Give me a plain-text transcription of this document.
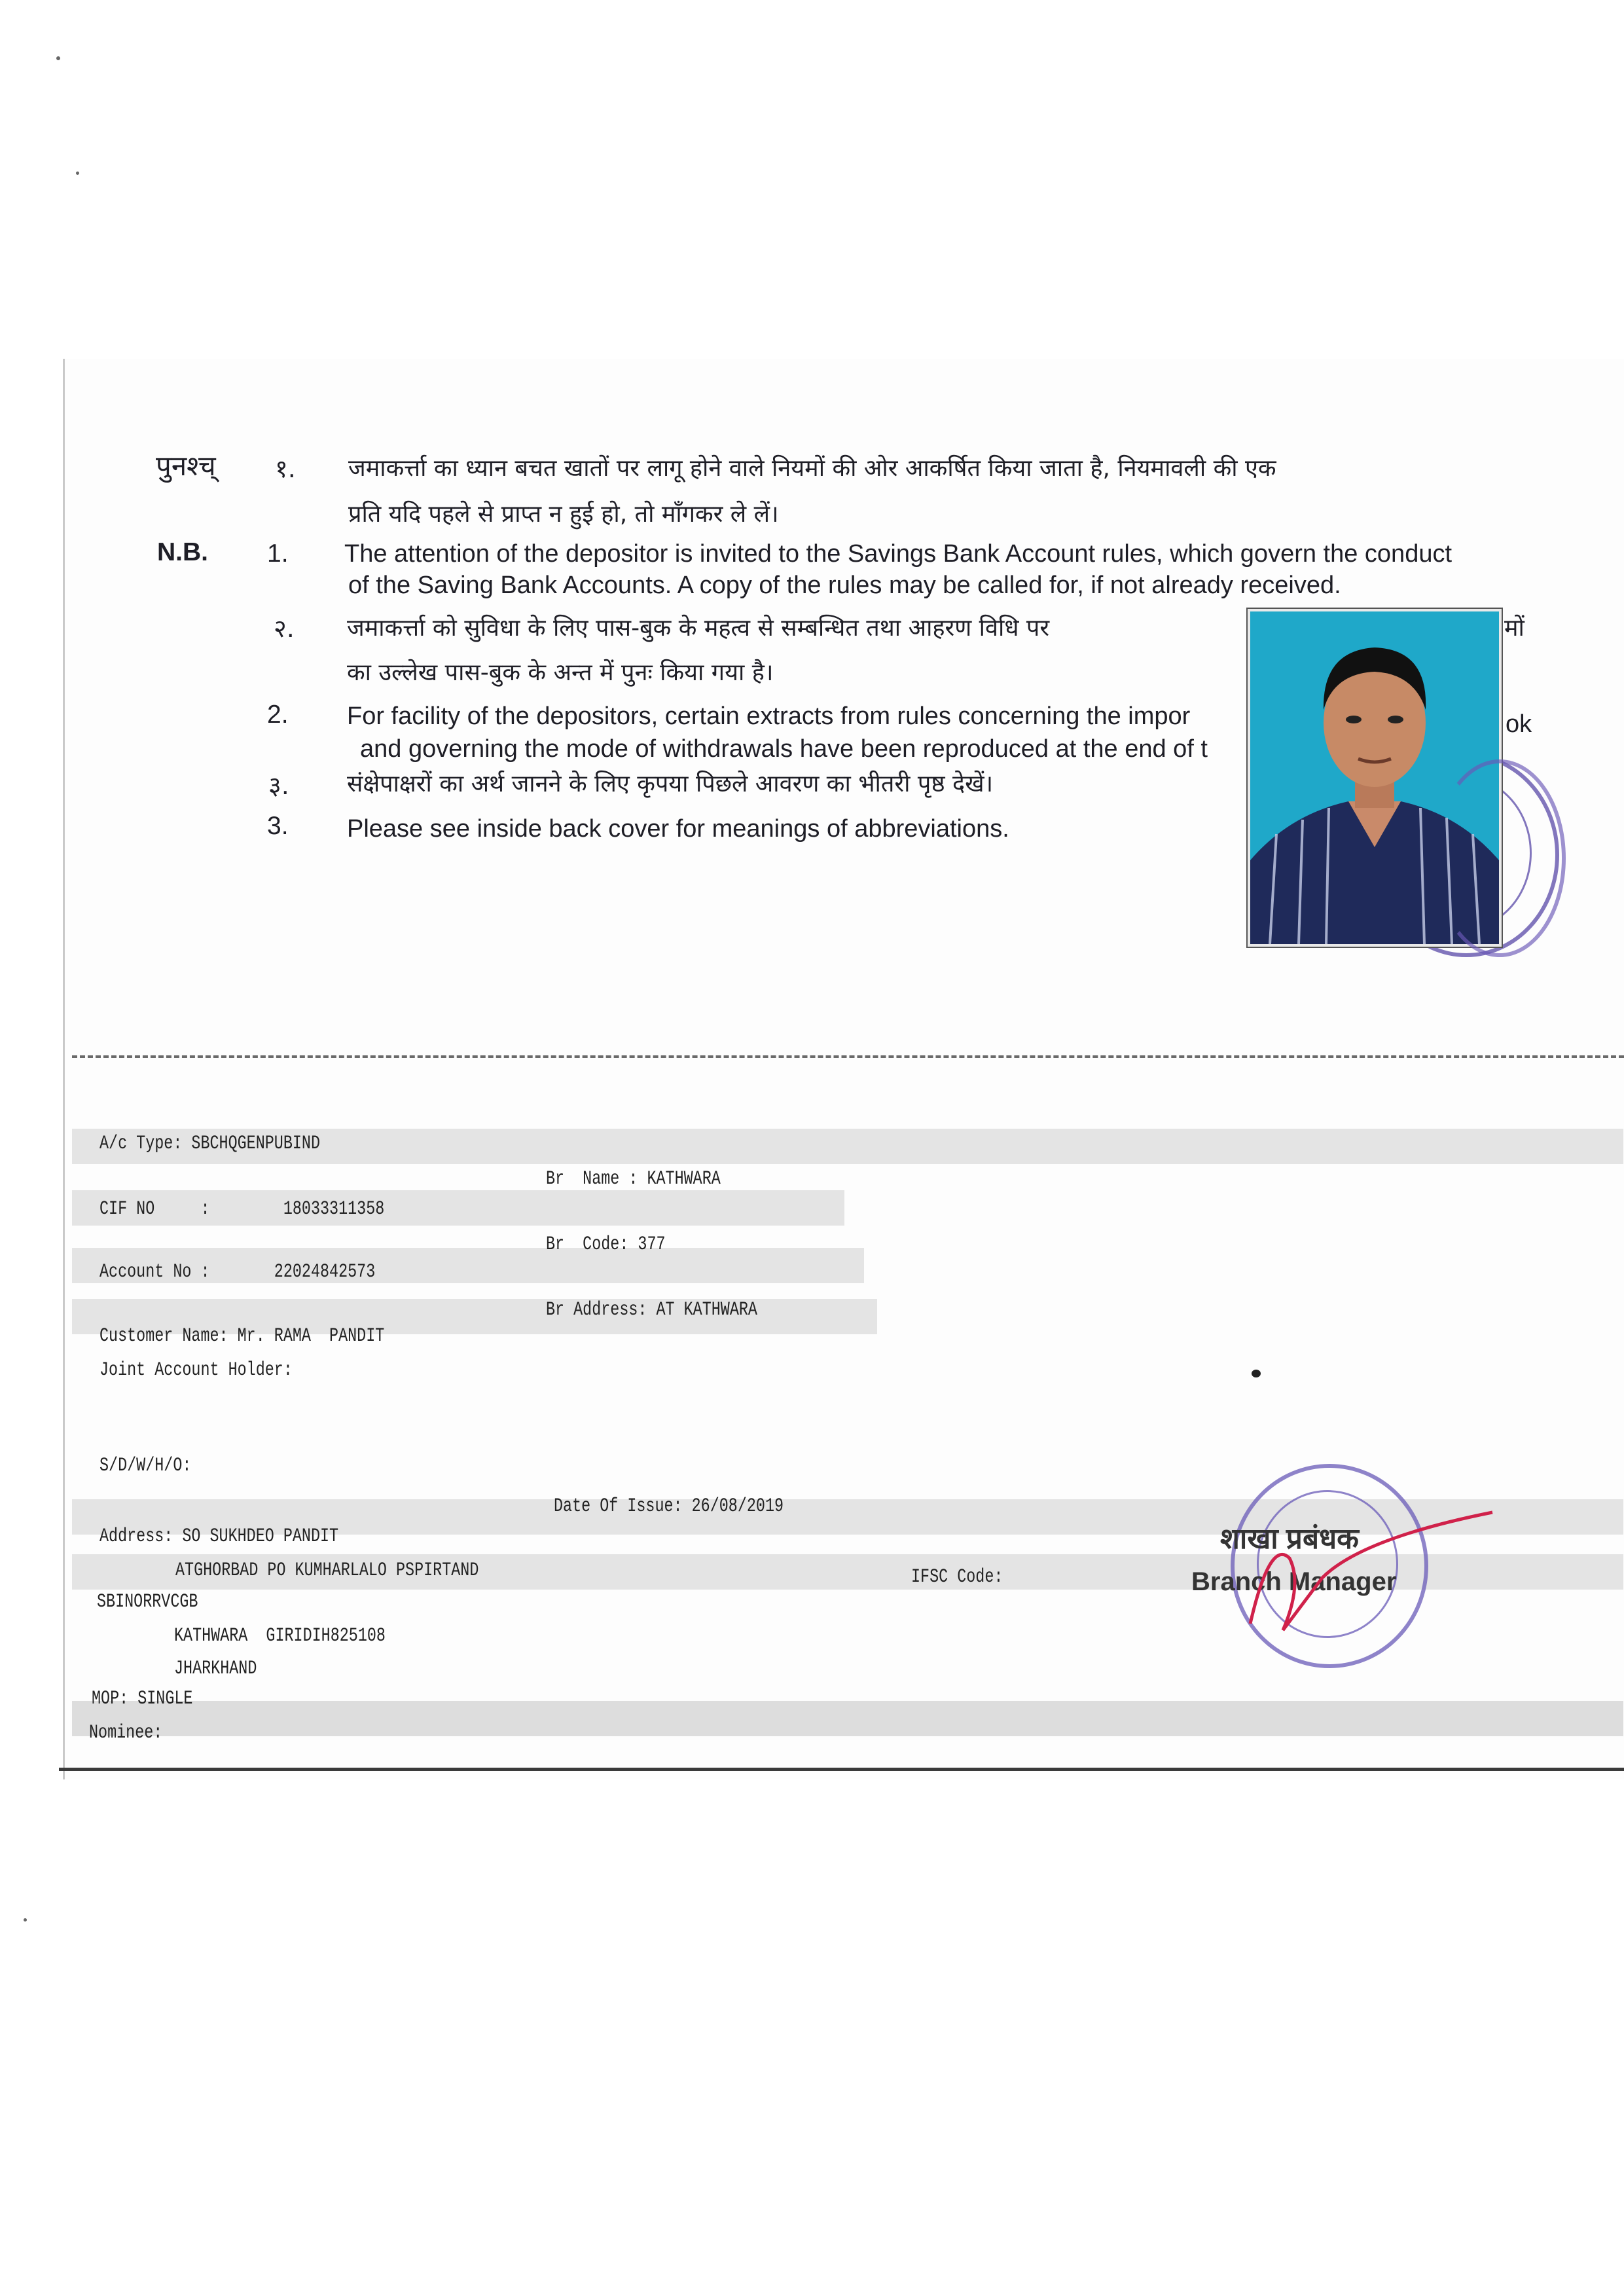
पुनश्च् १. जमाकर्त्ता का ध्यान बचत खातों पर लागू होने वाले नियमों की ओर आकर्षित किया जाता है, नियमावली की एक
प्रति यदि पहले से प्राप्त न हुई हो, तो माँगकर ले लें।
N.B. 1. The attention of the depositor is invited to the Savings Bank Account rules, which govern the conduct
of the Saving Bank Accounts. A copy of the rules may be called for, if not already received.
२. जमाकर्त्ता को सुविधा के लिए पास-बुक के महत्व से सम्बन्धित तथा आहरण विधि पर	मों
का उल्लेख पास-बुक के अन्त में पुनः किया गया है।
2. For facility of the depositors, certain extracts from rules concerning the impor	ok
and governing the mode of withdrawals have been reproduced at the end of t
३. संक्षेपाक्षरों का अर्थ जानने के लिए कृपया पिछले आवरण का भीतरी पृष्ठ देखें।
3. Please see inside back cover for meanings of abbreviations.
A/c Type: SBCHQGENPUBIND
CIF NO     :        18033311358
Account No :       22024842573
Customer Name: Mr. RAMA  PANDIT
Joint Account Holder:
S/D/W/H/O:
Address: SO SUKHDEO PANDIT
ATGHORBAD PO KUMHARLALO PSPIRTAND
SBINORRVCGB
KATHWARA  GIRIDIH825108
JHARKHAND
MOP: SINGLE
Nominee:
Br  Name : KATHWARA
Br  Code: 377
Br Address: AT KATHWARA
Date Of Issue: 26/08/2019
IFSC Code:
शाखा प्रबंधक
Branch Manager
